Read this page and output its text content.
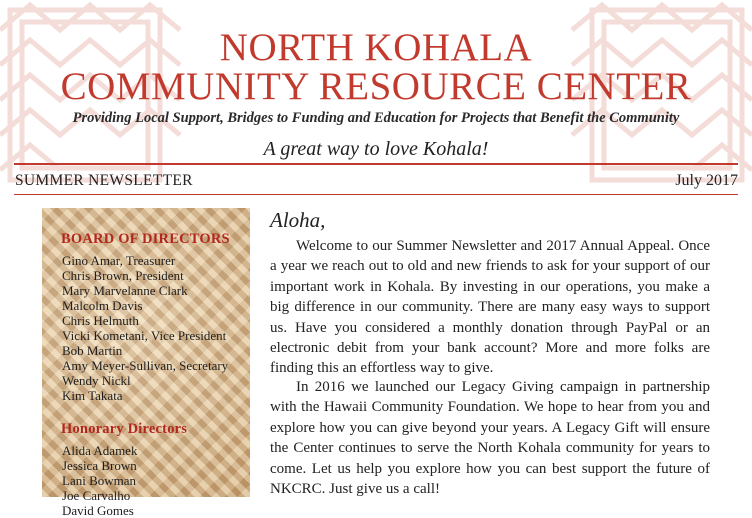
NORTH KOHALA
COMMUNITY RESOURCE CENTER
Providing Local Support, Bridges to Funding and Education for Projects that Benefit the Community
A great way to love Kohala!
SUMMER NEWSLETTER	July 2017
BOARD OF DIRECTORS
Gino Amar, Treasurer
Chris Brown, President
Mary Marvelanne Clark
Malcolm Davis
Chris Helmuth
Vicki Kometani, Vice President
Bob Martin
Amy Meyer-Sullivan, Secretary
Wendy Nickl
Kim Takata
Honorary Directors
Alida Adamek
Jessica Brown
Lani Bowman
Joe Carvalho
David Gomes
Aloha,

Welcome to our Summer Newsletter and 2017 Annual Appeal. Once a year we reach out to old and new friends to ask for your support of our important work in Kohala. By investing in our operations, you make a big difference in our community. There are many easy ways to support us. Have you considered a monthly donation through PayPal or an electronic debit from your bank account? More and more folks are finding this an effortless way to give.

In 2016 we launched our Legacy Giving campaign in partnership with the Hawaii Community Foundation. We hope to hear from you and explore how you can give beyond your years. A Legacy Gift will ensure the Center continues to serve the North Kohala community for years to come. Let us help you explore how you can best support the future of NKCRC. Just give us a call!
